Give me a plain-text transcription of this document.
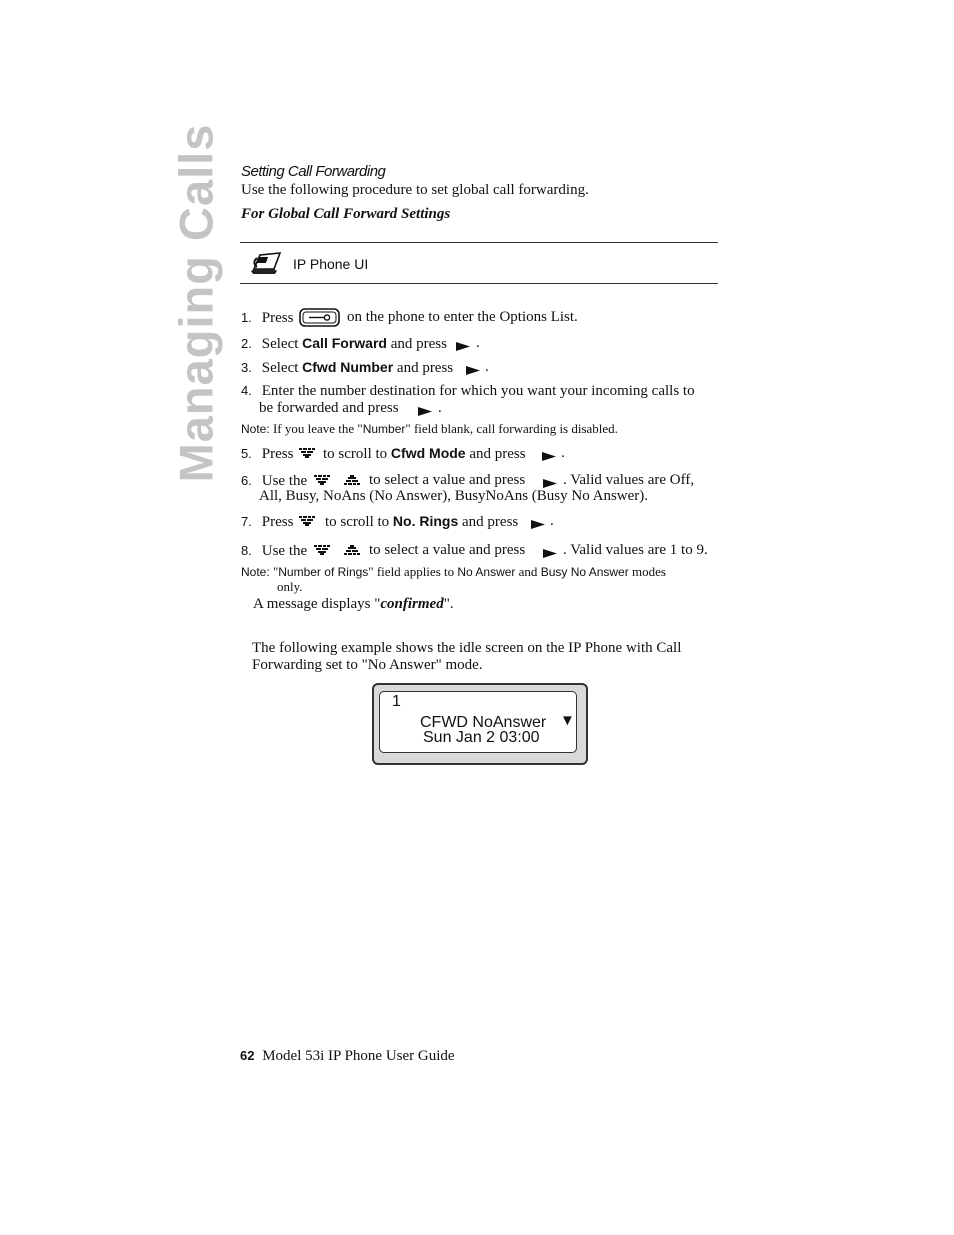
Managing Calls Setting Call Forwarding
Use the following procedure to set global call forwarding.
For Global Call Forward Settings
IP Phone UI
1. Press	on the phone to enter the Options List.
2. Select Call Forward and press .
3. Select Cfwd Number and press .
4. Enter the number destination for which you want your incoming calls to
be forwarded and press	.
Note: If you leave the "Number" field blank, call forwarding is disabled.
5. Press to scroll to Cfwd Mode and press .
6. Use the	to select a value and press	. Valid values are Off,
All, Busy, NoAns (No Answer), BusyNoAns (Busy No Answer).
7. Press to scroll to No. Rings and press .
8. Use the	to select a value and press	. Valid values are 1 to 9.
Note: "Number of Rings" field applies to No Answer and Busy No Answer modes
only.
A message displays "confirmed".
The following example shows the idle screen on the IP Phone with Call
Forwarding set to "No Answer" mode.
1
CFWD NoAnswer
Sun Jan 2 03:00
▼
62 Model 53i IP Phone User Guide
